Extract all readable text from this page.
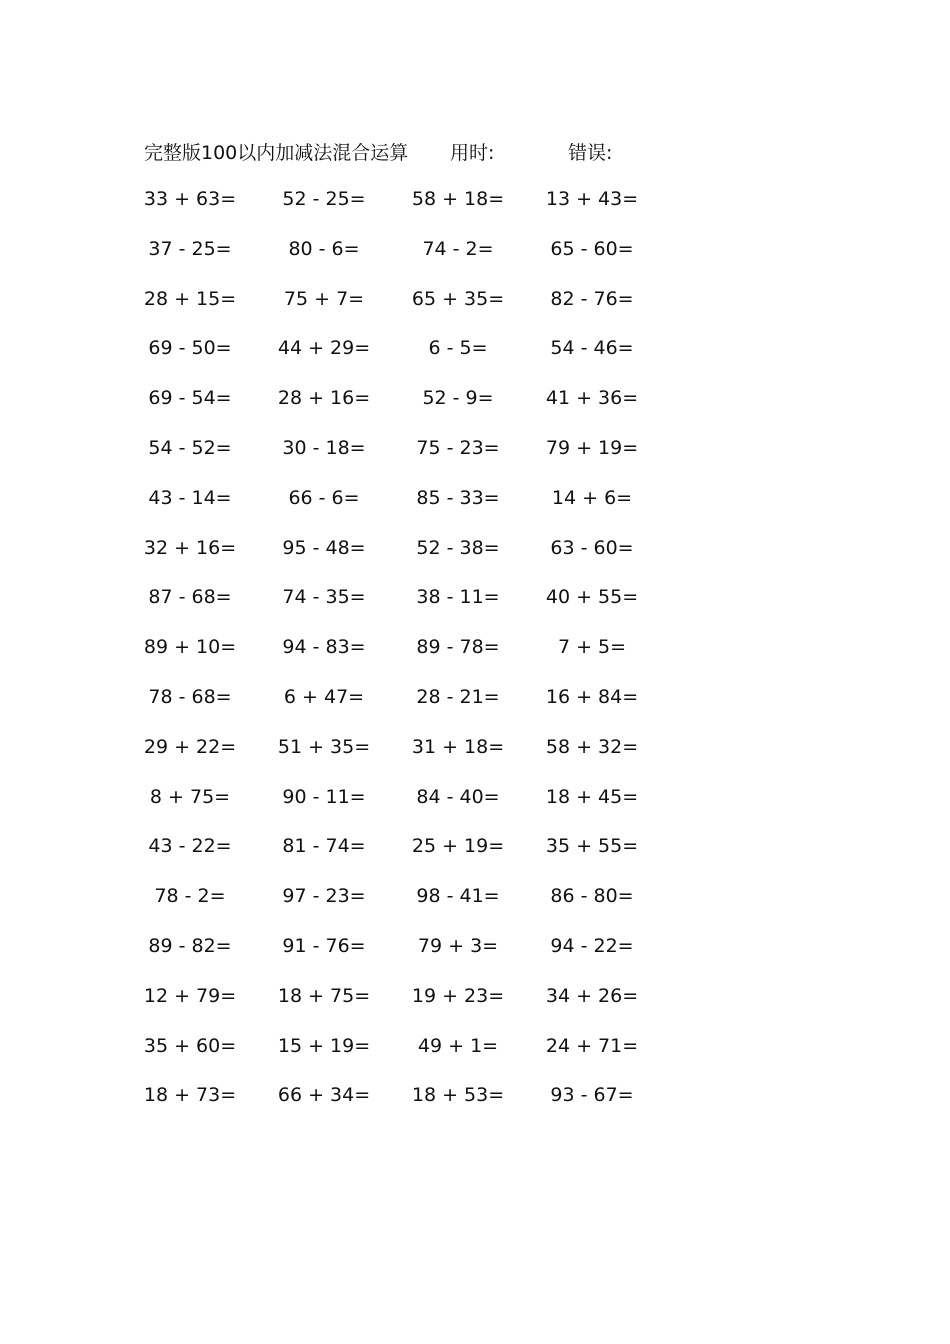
完整版100以内加减法混合运算 用时:	错误:
33 + 63=	52 - 25=	58 + 18=	13 + 43=
37 - 25=	80 - 6=	74 - 2=	65 - 60=
28 + 15=	75 + 7=	65 + 35=	82 - 76=
69 - 50=	44 + 29=	6 - 5=	54 - 46=
69 - 54=	28 + 16=	52 - 9=	41 + 36=
54 - 52=	30 - 18=	75 - 23=	79 + 19=
43 - 14=	66 - 6=	85 - 33=	14 + 6=
32 + 16=	95 - 48=	52 - 38=	63 - 60=
87 - 68=	74 - 35=	38 - 11=	40 + 55=
89 + 10=	94 - 83=	89 - 78=	7 + 5=
78 - 68=	6 + 47=	28 - 21=	16 + 84=
29 + 22=	51 + 35=	31 + 18=	58 + 32=
8 + 75=	90 - 11=	84 - 40=	18 + 45=
43 - 22=	81 - 74=	25 + 19=	35 + 55=
78 - 2=	97 - 23=	98 - 41=	86 - 80=
89 - 82=	91 - 76=	79 + 3=	94 - 22=
12 + 79=	18 + 75=	19 + 23=	34 + 26=
35 + 60=	15 + 19=	49 + 1=	24 + 71=
18 + 73=	66 + 34=	18 + 53=	93 - 67=
